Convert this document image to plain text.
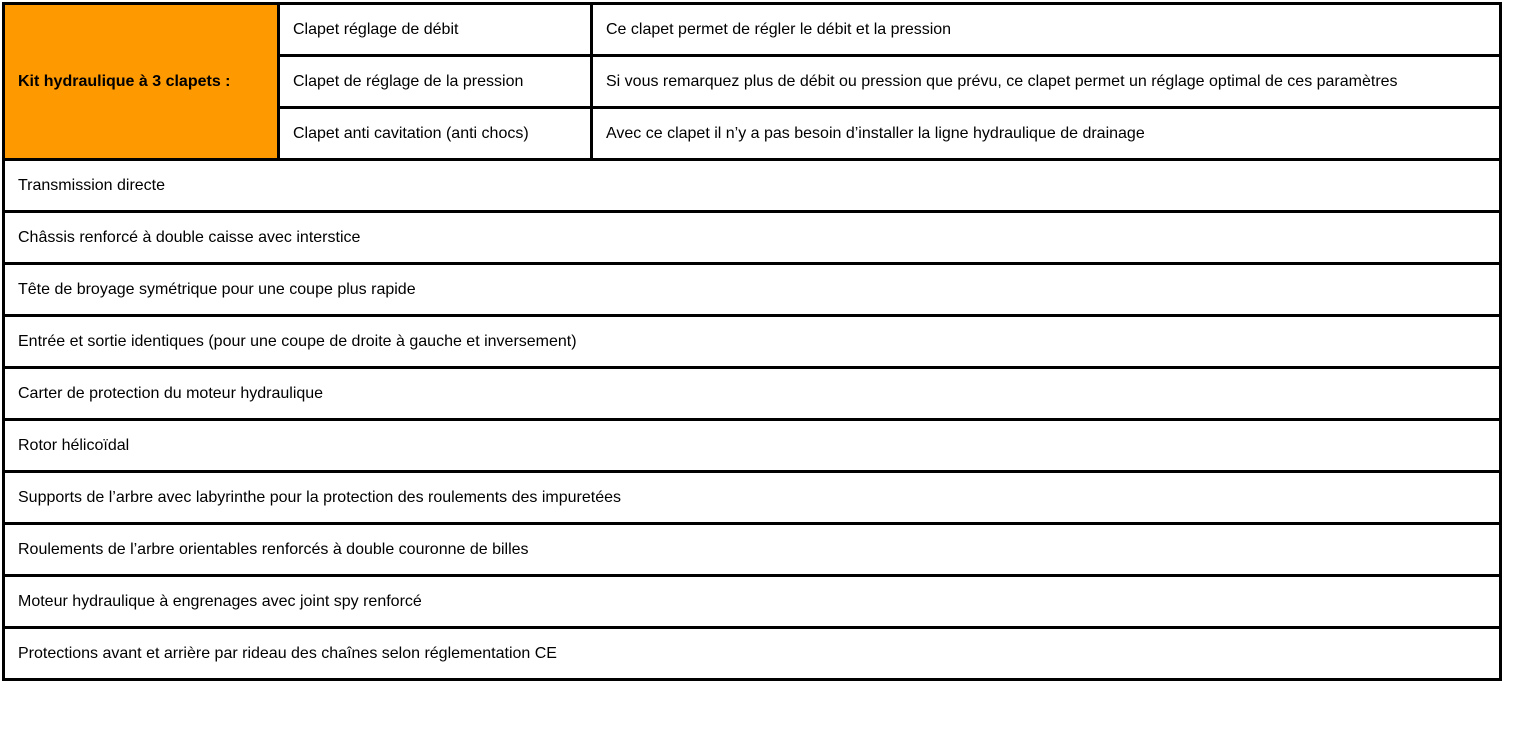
Kit hydraulique à 3 clapets :	Clapet réglage de débit	Ce clapet permet de régler le débit et la pression
	Clapet de réglage de la pression	Si vous remarquez plus de débit ou pression que prévu, ce clapet permet un réglage optimal de ces paramètres
	Clapet anti cavitation (anti chocs)	Avec ce clapet il n’y a pas besoin d’installer la ligne hydraulique de drainage
Transmission directe		
Châssis renforcé à double caisse avec interstice		
Tête de broyage symétrique pour une coupe plus rapide		
Entrée et sortie identiques (pour une coupe de droite à gauche et inversement)		
Carter de protection du moteur hydraulique		
Rotor hélicoïdal		
Supports de l’arbre avec labyrinthe pour la protection des roulements des impuretées		
Roulements de l’arbre orientables renforcés à double couronne de billes		
Moteur hydraulique à engrenages avec joint spy renforcé		
Protections avant et arrière par rideau des chaînes selon réglementation CE		
